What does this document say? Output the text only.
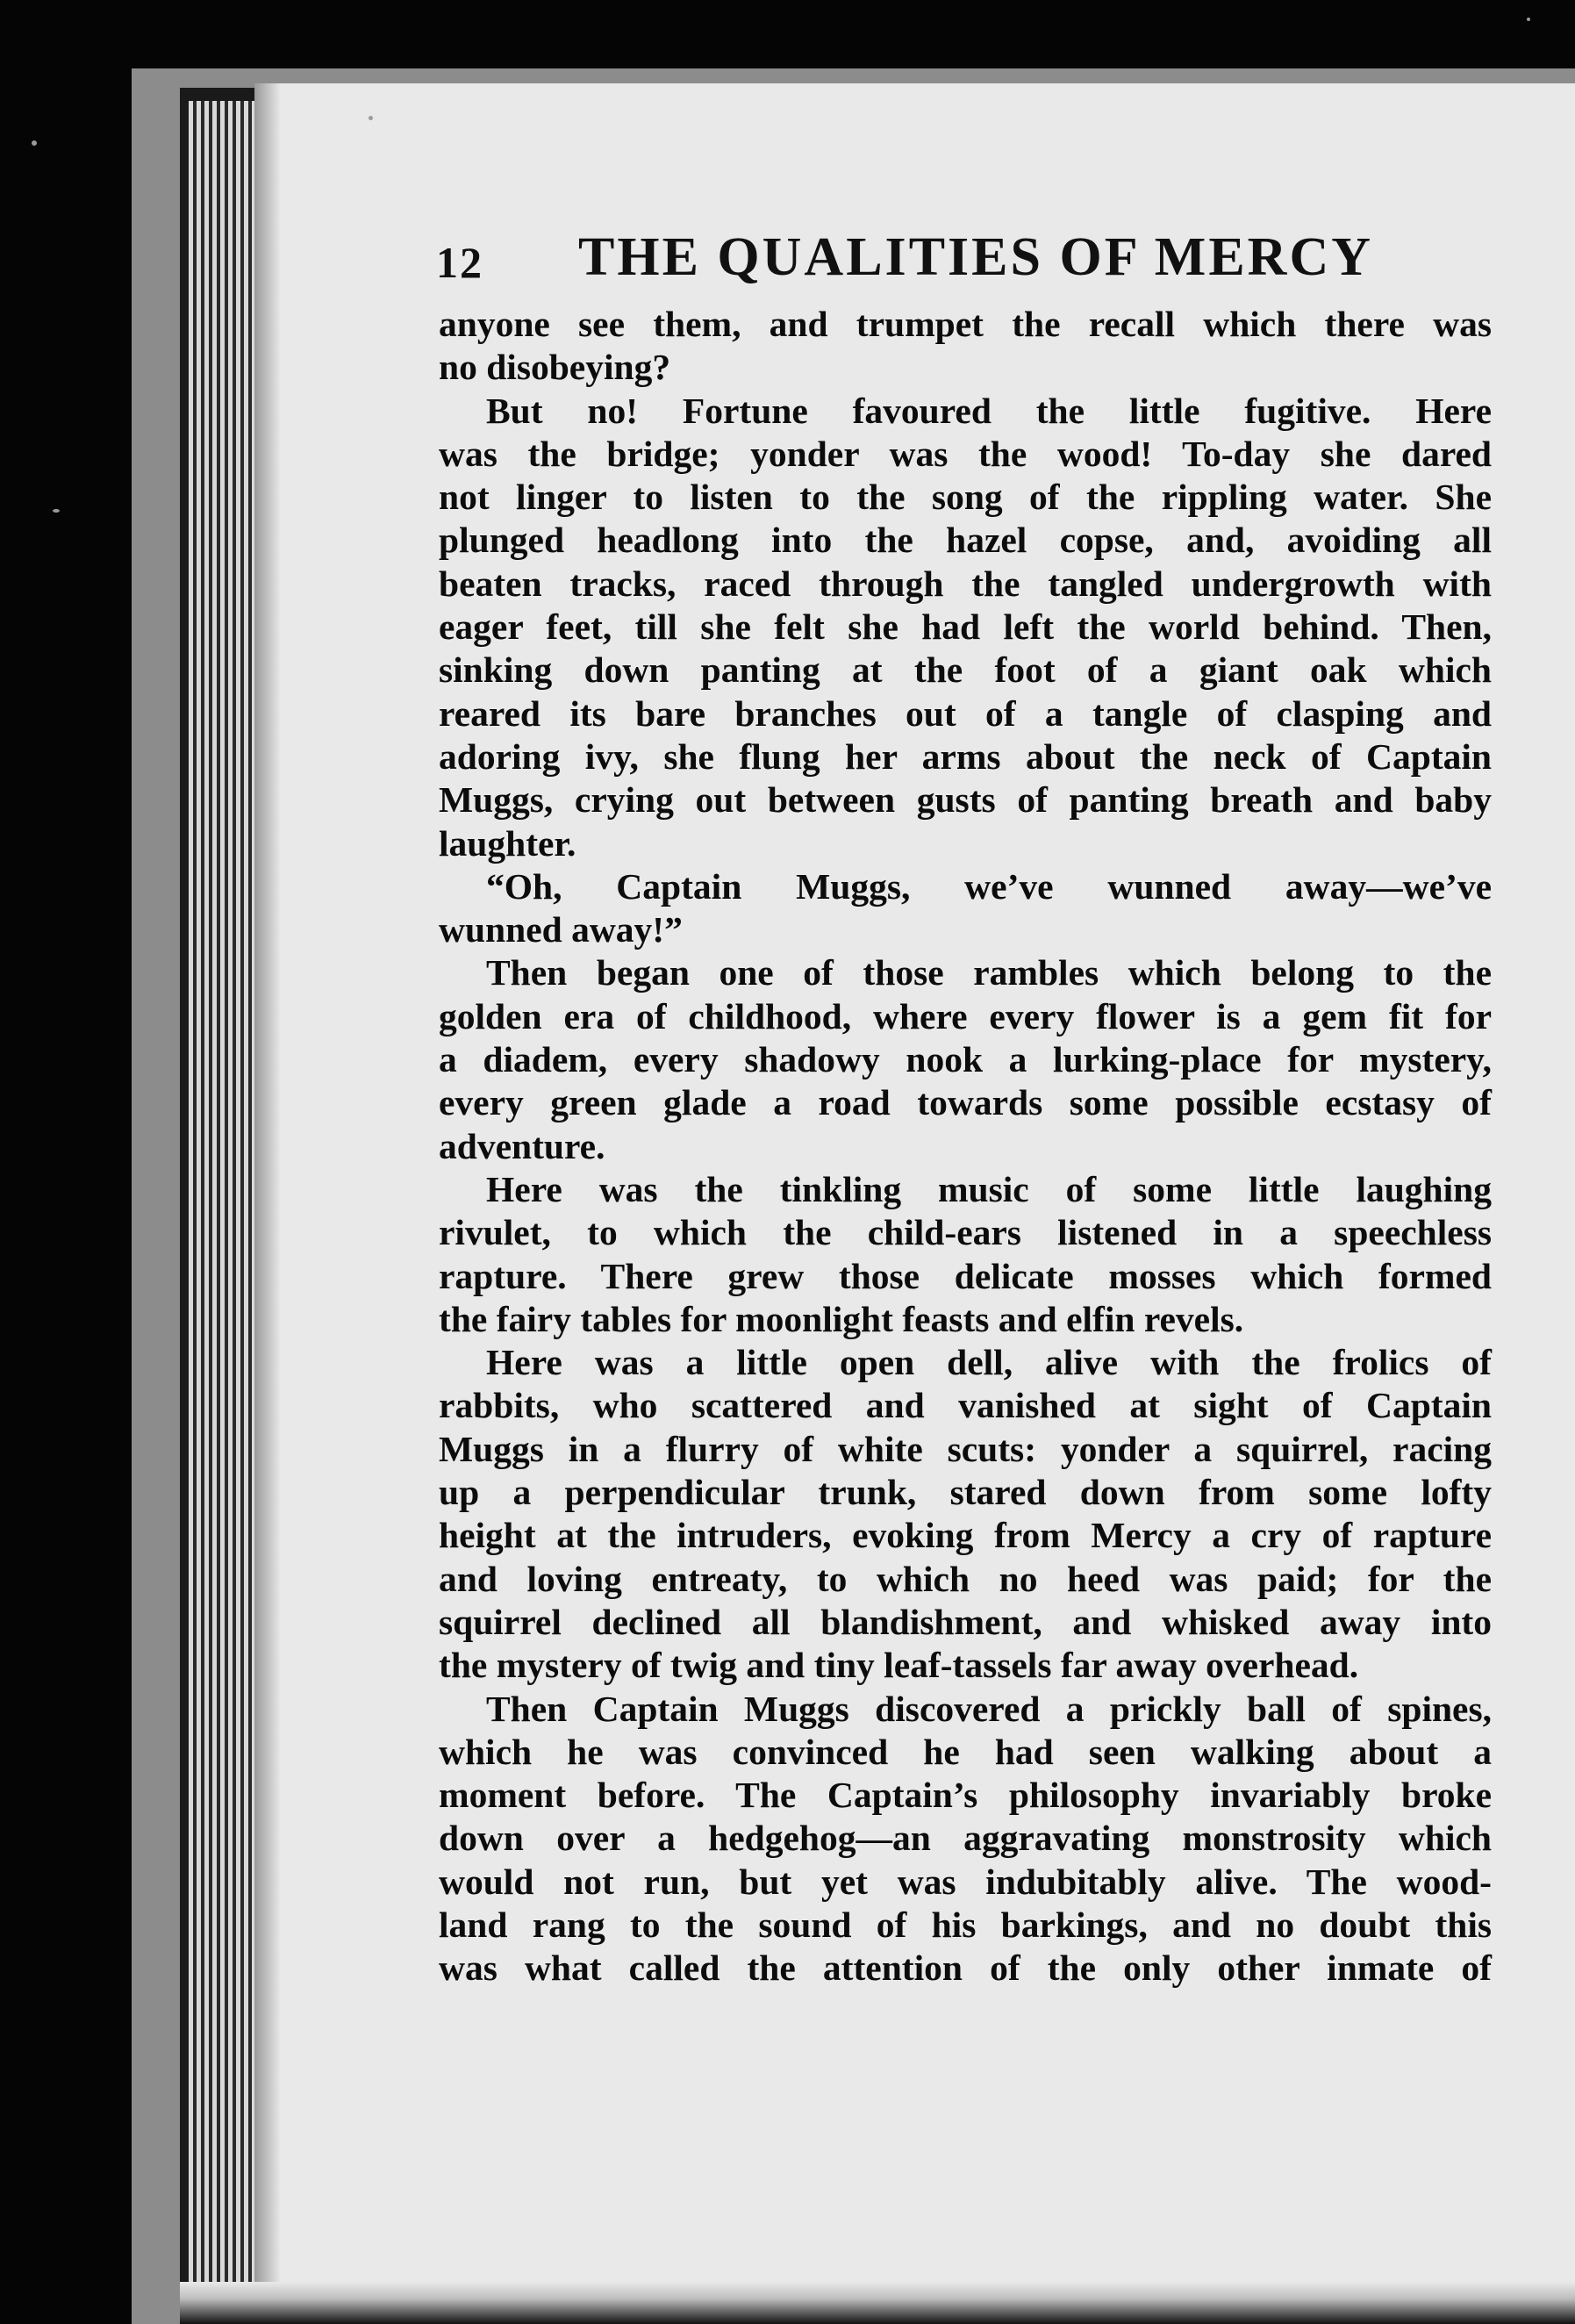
12 THE QUALITIES OF MERCY
anyone see them, and trumpet the recall which there was
no disobeying?
But no! Fortune favoured the little fugitive. Here
was the bridge; yonder was the wood! To-day she dared
not linger to listen to the song of the rippling water. She
plunged headlong into the hazel copse, and, avoiding all
beaten tracks, raced through the tangled undergrowth with
eager feet, till she felt she had left the world behind. Then,
sinking down panting at the foot of a giant oak which
reared its bare branches out of a tangle of clasping and
adoring ivy, she flung her arms about the neck of Captain
Muggs, crying out between gusts of panting breath and baby
laughter.
“Oh, Captain Muggs, we’ve wunned away—we’ve
wunned away!”
Then began one of those rambles which belong to the
golden era of childhood, where every flower is a gem fit for
a diadem, every shadowy nook a lurking-place for mystery,
every green glade a road towards some possible ecstasy of
adventure.
Here was the tinkling music of some little laughing
rivulet, to which the child-ears listened in a speechless
rapture. There grew those delicate mosses which formed
the fairy tables for moonlight feasts and elfin revels.
Here was a little open dell, alive with the frolics of
rabbits, who scattered and vanished at sight of Captain
Muggs in a flurry of white scuts: yonder a squirrel, racing
up a perpendicular trunk, stared down from some lofty
height at the intruders, evoking from Mercy a cry of rapture
and loving entreaty, to which no heed was paid; for the
squirrel declined all blandishment, and whisked away into
the mystery of twig and tiny leaf-tassels far away overhead.
Then Captain Muggs discovered a prickly ball of spines,
which he was convinced he had seen walking about a
moment before. The Captain’s philosophy invariably broke
down over a hedgehog—an aggravating monstrosity which
would not run, but yet was indubitably alive. The wood-
land rang to the sound of his barkings, and no doubt this
was what called the attention of the only other inmate of
